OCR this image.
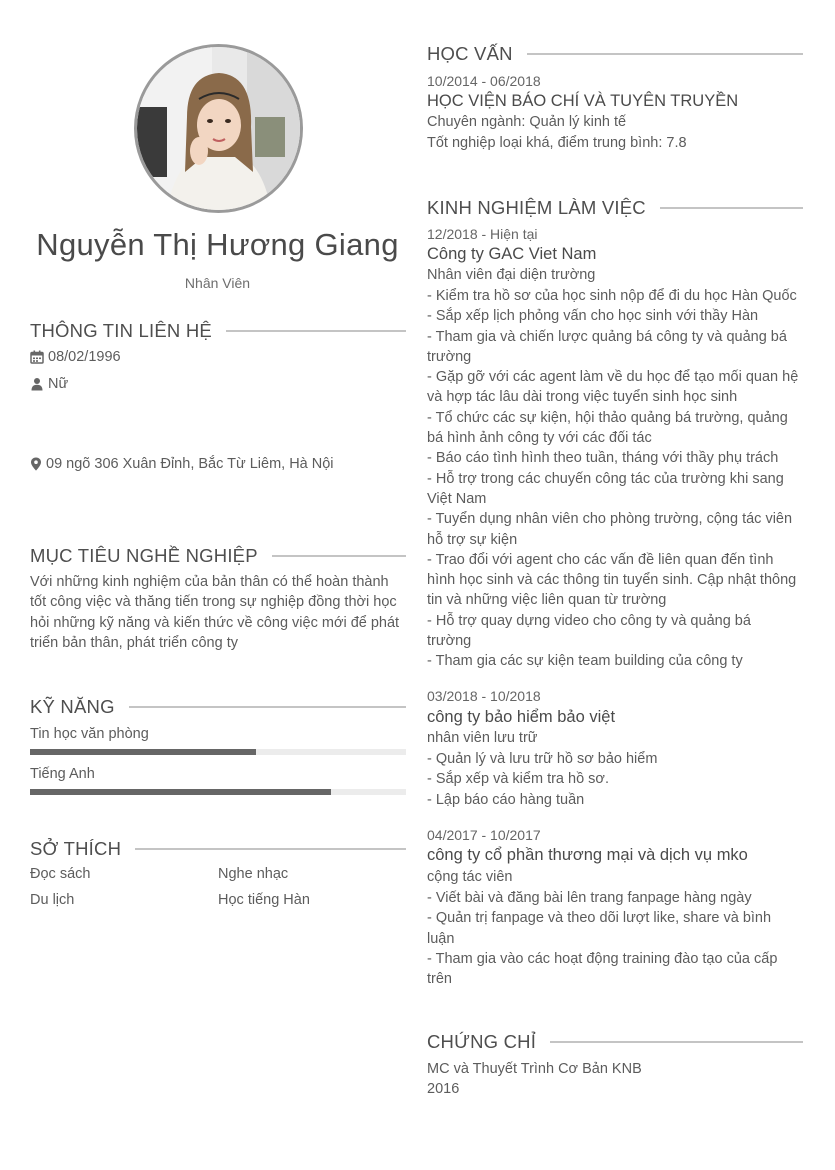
Nguyễn Thị Hương Giang

Nhân Viên

THÔNG TIN LIÊN HỆ
08/02/1996
Nữ
09 ngõ 306 Xuân Đỉnh, Bắc Từ Liêm, Hà Nội
MỤC TIÊU NGHỀ NGHIỆP
Với những kinh nghiệm của bản thân có thể hoàn thành
tốt công việc và thăng tiến trong sự nghiệp đồng thời học
hỏi những kỹ năng và kiến thức về công việc mới để phát
triển bản thân, phát triển công ty
KỸ NĂNG
Tin học văn phòng
Tiếng Anh
SỞ THÍCH
Đọc sách	Nghe nhạc
Du lịch	Học tiếng Hàn
HỌC VẤN
10/2014 - 06/2018
HỌC VIỆN BÁO CHÍ VÀ TUYÊN TRUYỀN
Chuyên ngành: Quản lý kinh tế
Tốt nghiệp loại khá, điểm trung bình: 7.8
KINH NGHIỆM LÀM VIỆC
12/2018 - Hiện tại
Công ty GAC Viet Nam
Nhân viên đại diện trường
- Kiểm tra hồ sơ của học sinh nộp để đi du học Hàn Quốc
- Sắp xếp lịch phỏng vấn cho học sinh với thầy Hàn
- Tham gia và chiến lược quảng bá công ty và quảng bá
trường
- Gặp gỡ với các agent làm về du học để tạo mối quan hệ
và hợp tác lâu dài trong việc tuyển sinh học sinh
- Tổ chức các sự kiện, hội thảo quảng bá trường, quảng
bá hình ảnh công ty với các đối tác
- Báo cáo tình hình theo tuần, tháng với thầy phụ trách
- Hỗ trợ trong các chuyến công tác của trường khi sang
Việt Nam
- Tuyển dụng nhân viên cho phòng trường, cộng tác viên
hỗ trợ sự kiện
- Trao đổi với agent cho các vấn đề liên quan đến tình
hình học sinh và các thông tin tuyển sinh. Cập nhật thông
tin và những việc liên quan từ trường
- Hỗ trợ quay dựng video cho công ty và quảng bá
trường
- Tham gia các sự kiện team building của công ty
03/2018 - 10/2018
công ty bảo hiểm bảo việt
nhân viên lưu trữ
- Quản lý và lưu trữ hồ sơ bảo hiểm
- Sắp xếp và kiểm tra hồ sơ.
- Lập báo cáo hàng tuần
04/2017 - 10/2017
công ty cổ phần thương mại và dịch vụ mko
cộng tác viên
- Viết bài và đăng bài lên trang fanpage hàng ngày
- Quản trị fanpage và theo dõi lượt like, share và bình
luận
- Tham gia vào các hoạt động training đào tạo của cấp
trên
CHỨNG CHỈ
MC và Thuyết Trình Cơ Bản KNB
2016
